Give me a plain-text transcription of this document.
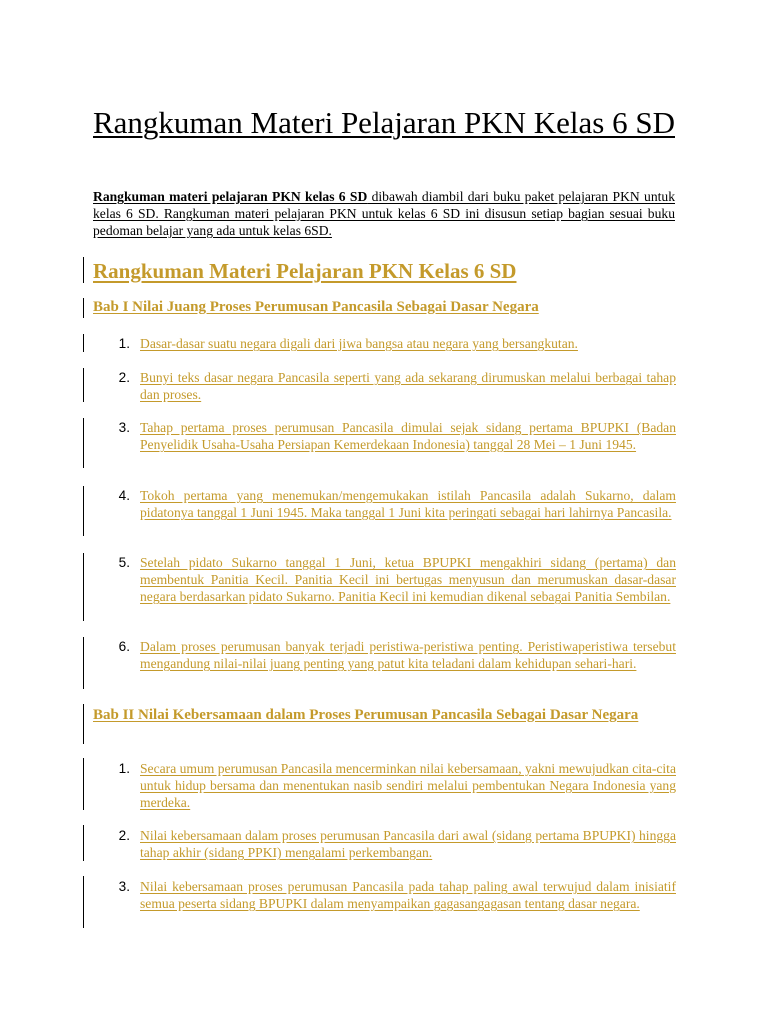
Rangkuman Materi Pelajaran PKN Kelas 6 SD

Rangkuman materi pelajaran PKN kelas 6 SD dibawah diambil dari buku paket pelajaran PKN untuk kelas 6 SD. Rangkuman materi pelajaran PKN untuk kelas 6 SD ini disusun setiap bagian sesuai buku pedoman belajar yang ada untuk kelas 6SD.

Rangkuman Materi Pelajaran PKN Kelas 6 SD
Bab I Nilai Juang Proses Perumusan Pancasila Sebagai Dasar Negara
1. Dasar-dasar suatu negara digali dari jiwa bangsa atau negara yang bersangkutan.

2. Bunyi teks dasar negara Pancasila seperti yang ada sekarang dirumuskan melalui berbagai tahap dan proses.

3. Tahap pertama proses perumusan Pancasila dimulai sejak sidang pertama BPUPKI (Badan Penyelidik Usaha-Usaha Persiapan Kemerdekaan Indonesia) tanggal 28 Mei – 1 Juni 1945.

4. Tokoh pertama yang menemukan/mengemukakan istilah Pancasila adalah Sukarno, dalam pidatonya tanggal 1 Juni 1945. Maka tanggal 1 Juni kita peringati sebagai hari lahirnya Pancasila.

5. Setelah pidato Sukarno tanggal 1 Juni, ketua BPUPKI mengakhiri sidang (pertama) dan membentuk Panitia Kecil. Panitia Kecil ini bertugas menyusun dan merumuskan dasar-dasar negara berdasarkan pidato Sukarno. Panitia Kecil ini kemudian dikenal sebagai Panitia Sembilan.

6. Dalam proses perumusan banyak terjadi peristiwa-peristiwa penting. Peristiwaperistiwa tersebut mengandung nilai-nilai juang penting yang patut kita teladani dalam kehidupan sehari-hari.

Bab II Nilai Kebersamaan dalam Proses Perumusan Pancasila Sebagai Dasar Negara
1. Secara umum perumusan Pancasila mencerminkan nilai kebersamaan, yakni mewujudkan cita-cita untuk hidup bersama dan menentukan nasib sendiri melalui pembentukan Negara Indonesia yang merdeka.

2. Nilai kebersamaan dalam proses perumusan Pancasila dari awal (sidang pertama BPUPKI) hingga tahap akhir (sidang PPKI) mengalami perkembangan.

3. Nilai kebersamaan proses perumusan Pancasila pada tahap paling awal terwujud dalam inisiatif semua peserta sidang BPUPKI dalam menyampaikan gagasangagasan tentang dasar negara.
